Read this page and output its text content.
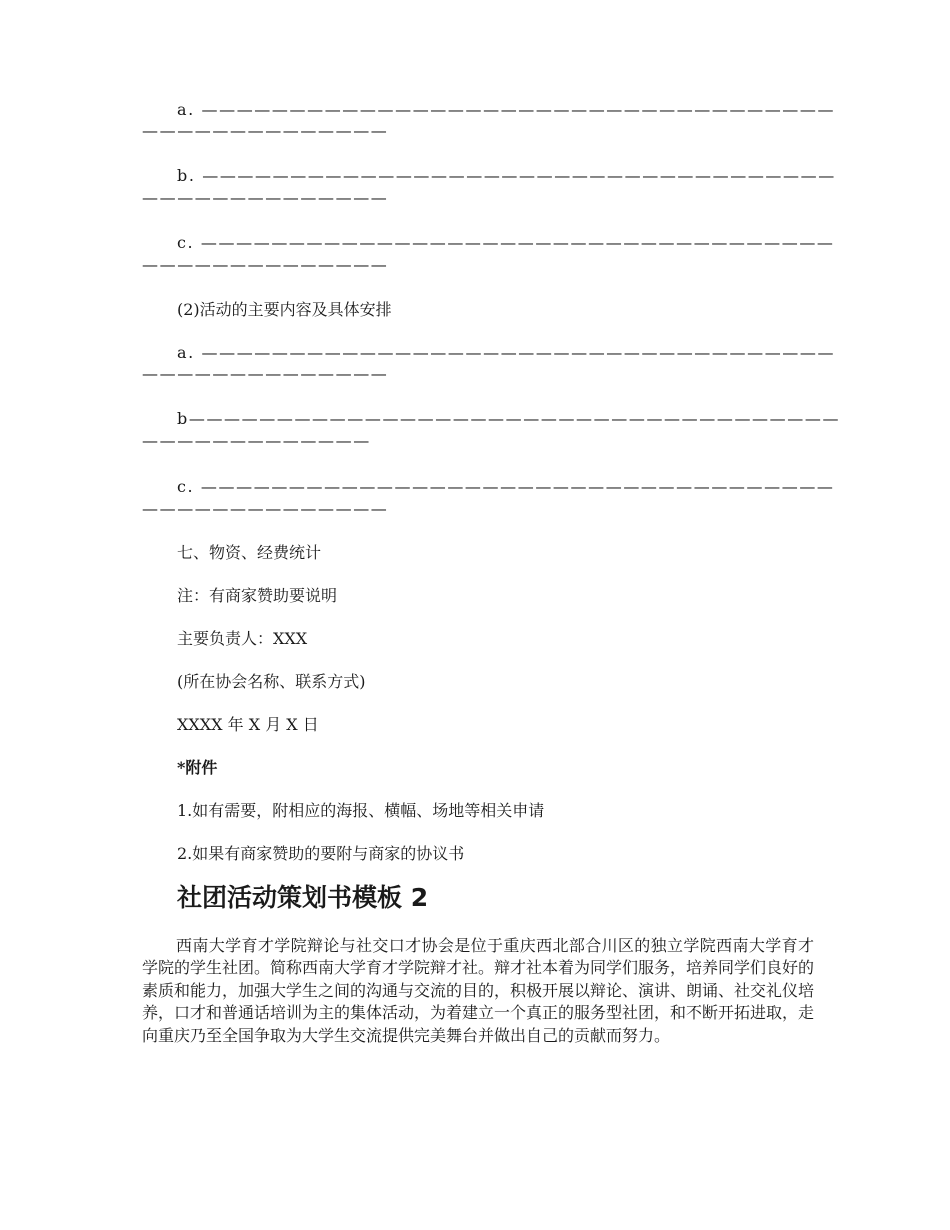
a. ————————————————————————————————————
——————————————
b. ————————————————————————————————————
——————————————
c. ————————————————————————————————————
——————————————
(2)活动的主要内容及具体安排
a. ————————————————————————————————————
——————————————
b—————————————————————————————————————
—————————————
c. ————————————————————————————————————
——————————————
七、物资、经费统计
注：有商家赞助要说明
主要负责人：XXX
(所在协会名称、联系方式)
XXXX 年 X 月 X 日
*附件
1.如有需要，附相应的海报、横幅、场地等相关申请
2.如果有商家赞助的要附与商家的协议书
社团活动策划书模板 2
西南大学育才学院辩论与社交口才协会是位于重庆西北部合川区的独立学院西南大学育才学院的学生社团。简称西南大学育才学院辩才社。辩才社本着为同学们服务，培养同学们良好的素质和能力，加强大学生之间的沟通与交流的目的，积极开展以辩论、演讲、朗诵、社交礼仪培养，口才和普通话培训为主的集体活动，为着建立一个真正的服务型社团，和不断开拓进取，走向重庆乃至全国争取为大学生交流提供完美舞台并做出自己的贡献而努力。
